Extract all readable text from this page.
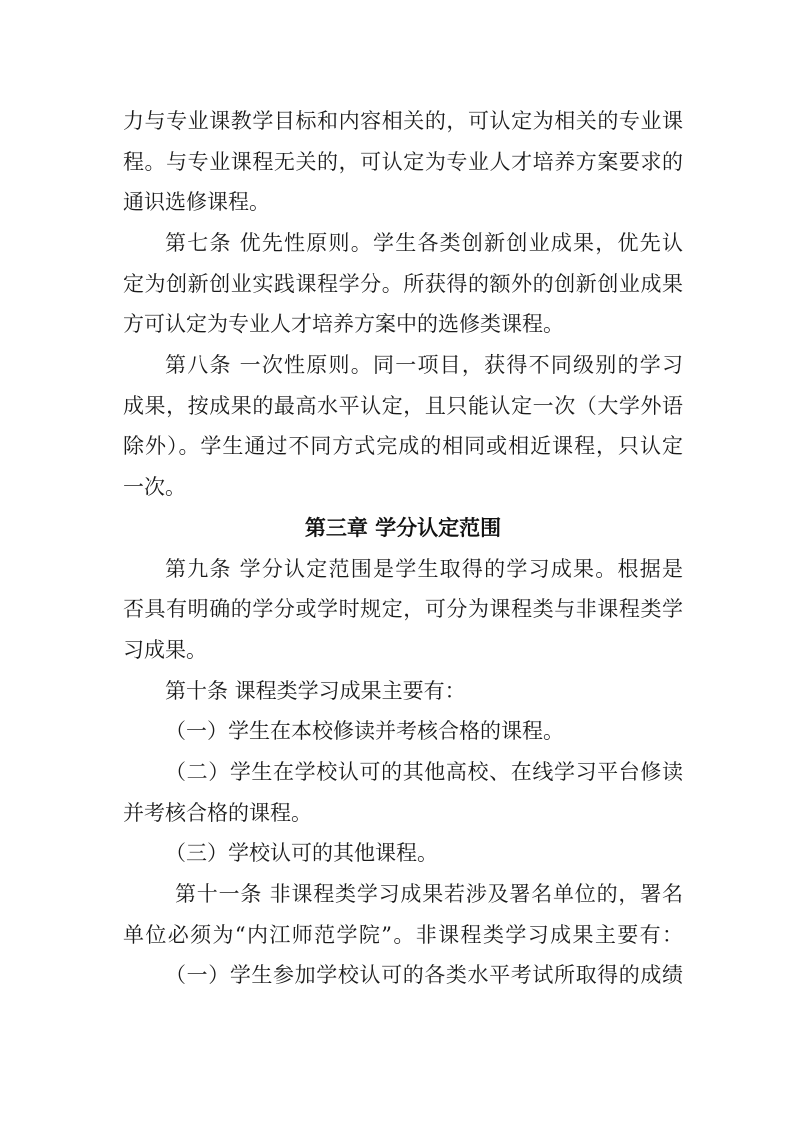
力与专业课教学目标和内容相关的，可认定为相关的专业课
程。与专业课程无关的，可认定为专业人才培养方案要求的
通识选修课程。
第七条 优先性原则。学生各类创新创业成果，优先认
定为创新创业实践课程学分。所获得的额外的创新创业成果
方可认定为专业人才培养方案中的选修类课程。
第八条 一次性原则。同一项目，获得不同级别的学习
成果，按成果的最高水平认定，且只能认定一次（大学外语
除外）。学生通过不同方式完成的相同或相近课程，只认定
一次。
第三章 学分认定范围
第九条 学分认定范围是学生取得的学习成果。根据是
否具有明确的学分或学时规定，可分为课程类与非课程类学
习成果。
第十条 课程类学习成果主要有：
（一）学生在本校修读并考核合格的课程。
（二）学生在学校认可的其他高校、在线学习平台修读
并考核合格的课程。
（三）学校认可的其他课程。
第十一条 非课程类学习成果若涉及署名单位的，署名
单位必须为“内江师范学院”。非课程类学习成果主要有：
（一）学生参加学校认可的各类水平考试所取得的成绩
